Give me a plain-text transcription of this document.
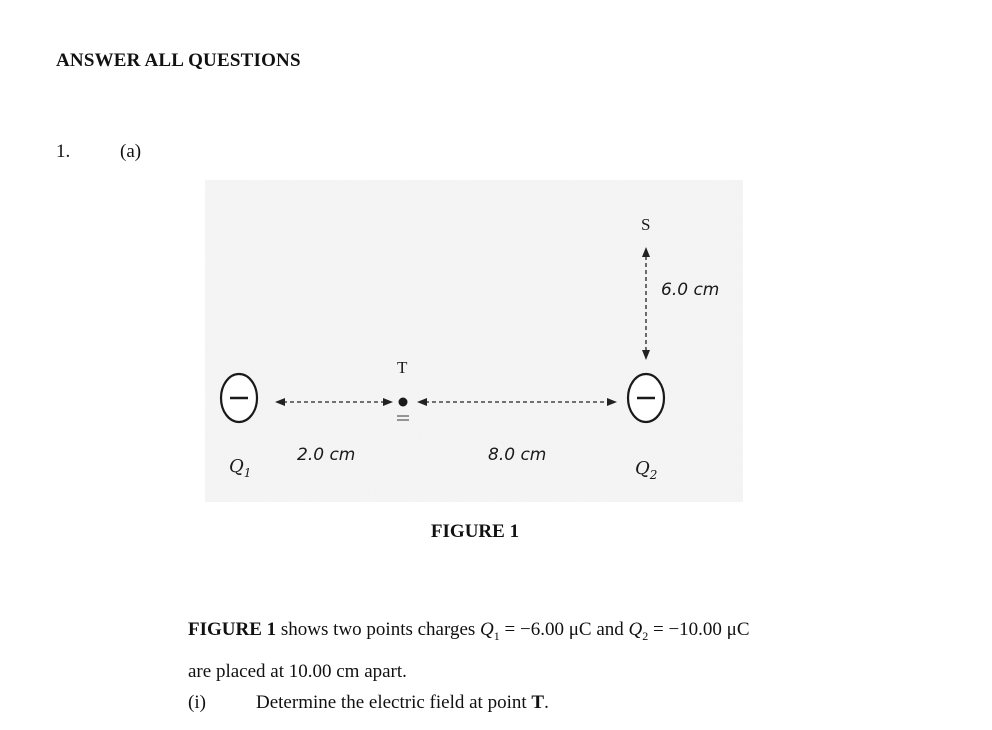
ANSWER ALL QUESTIONS
1.	(a)
S
T
6.0 cm
2.0 cm	8.0 cm
$Q_1$	$Q_2$
FIGURE 1
FIGURE 1 shows two points charges $Q_1 = -6.00$ μC and $Q_2 = -10.00$ μC
are placed at 10.00 cm apart.
(i)	Determine the electric field at point T.
